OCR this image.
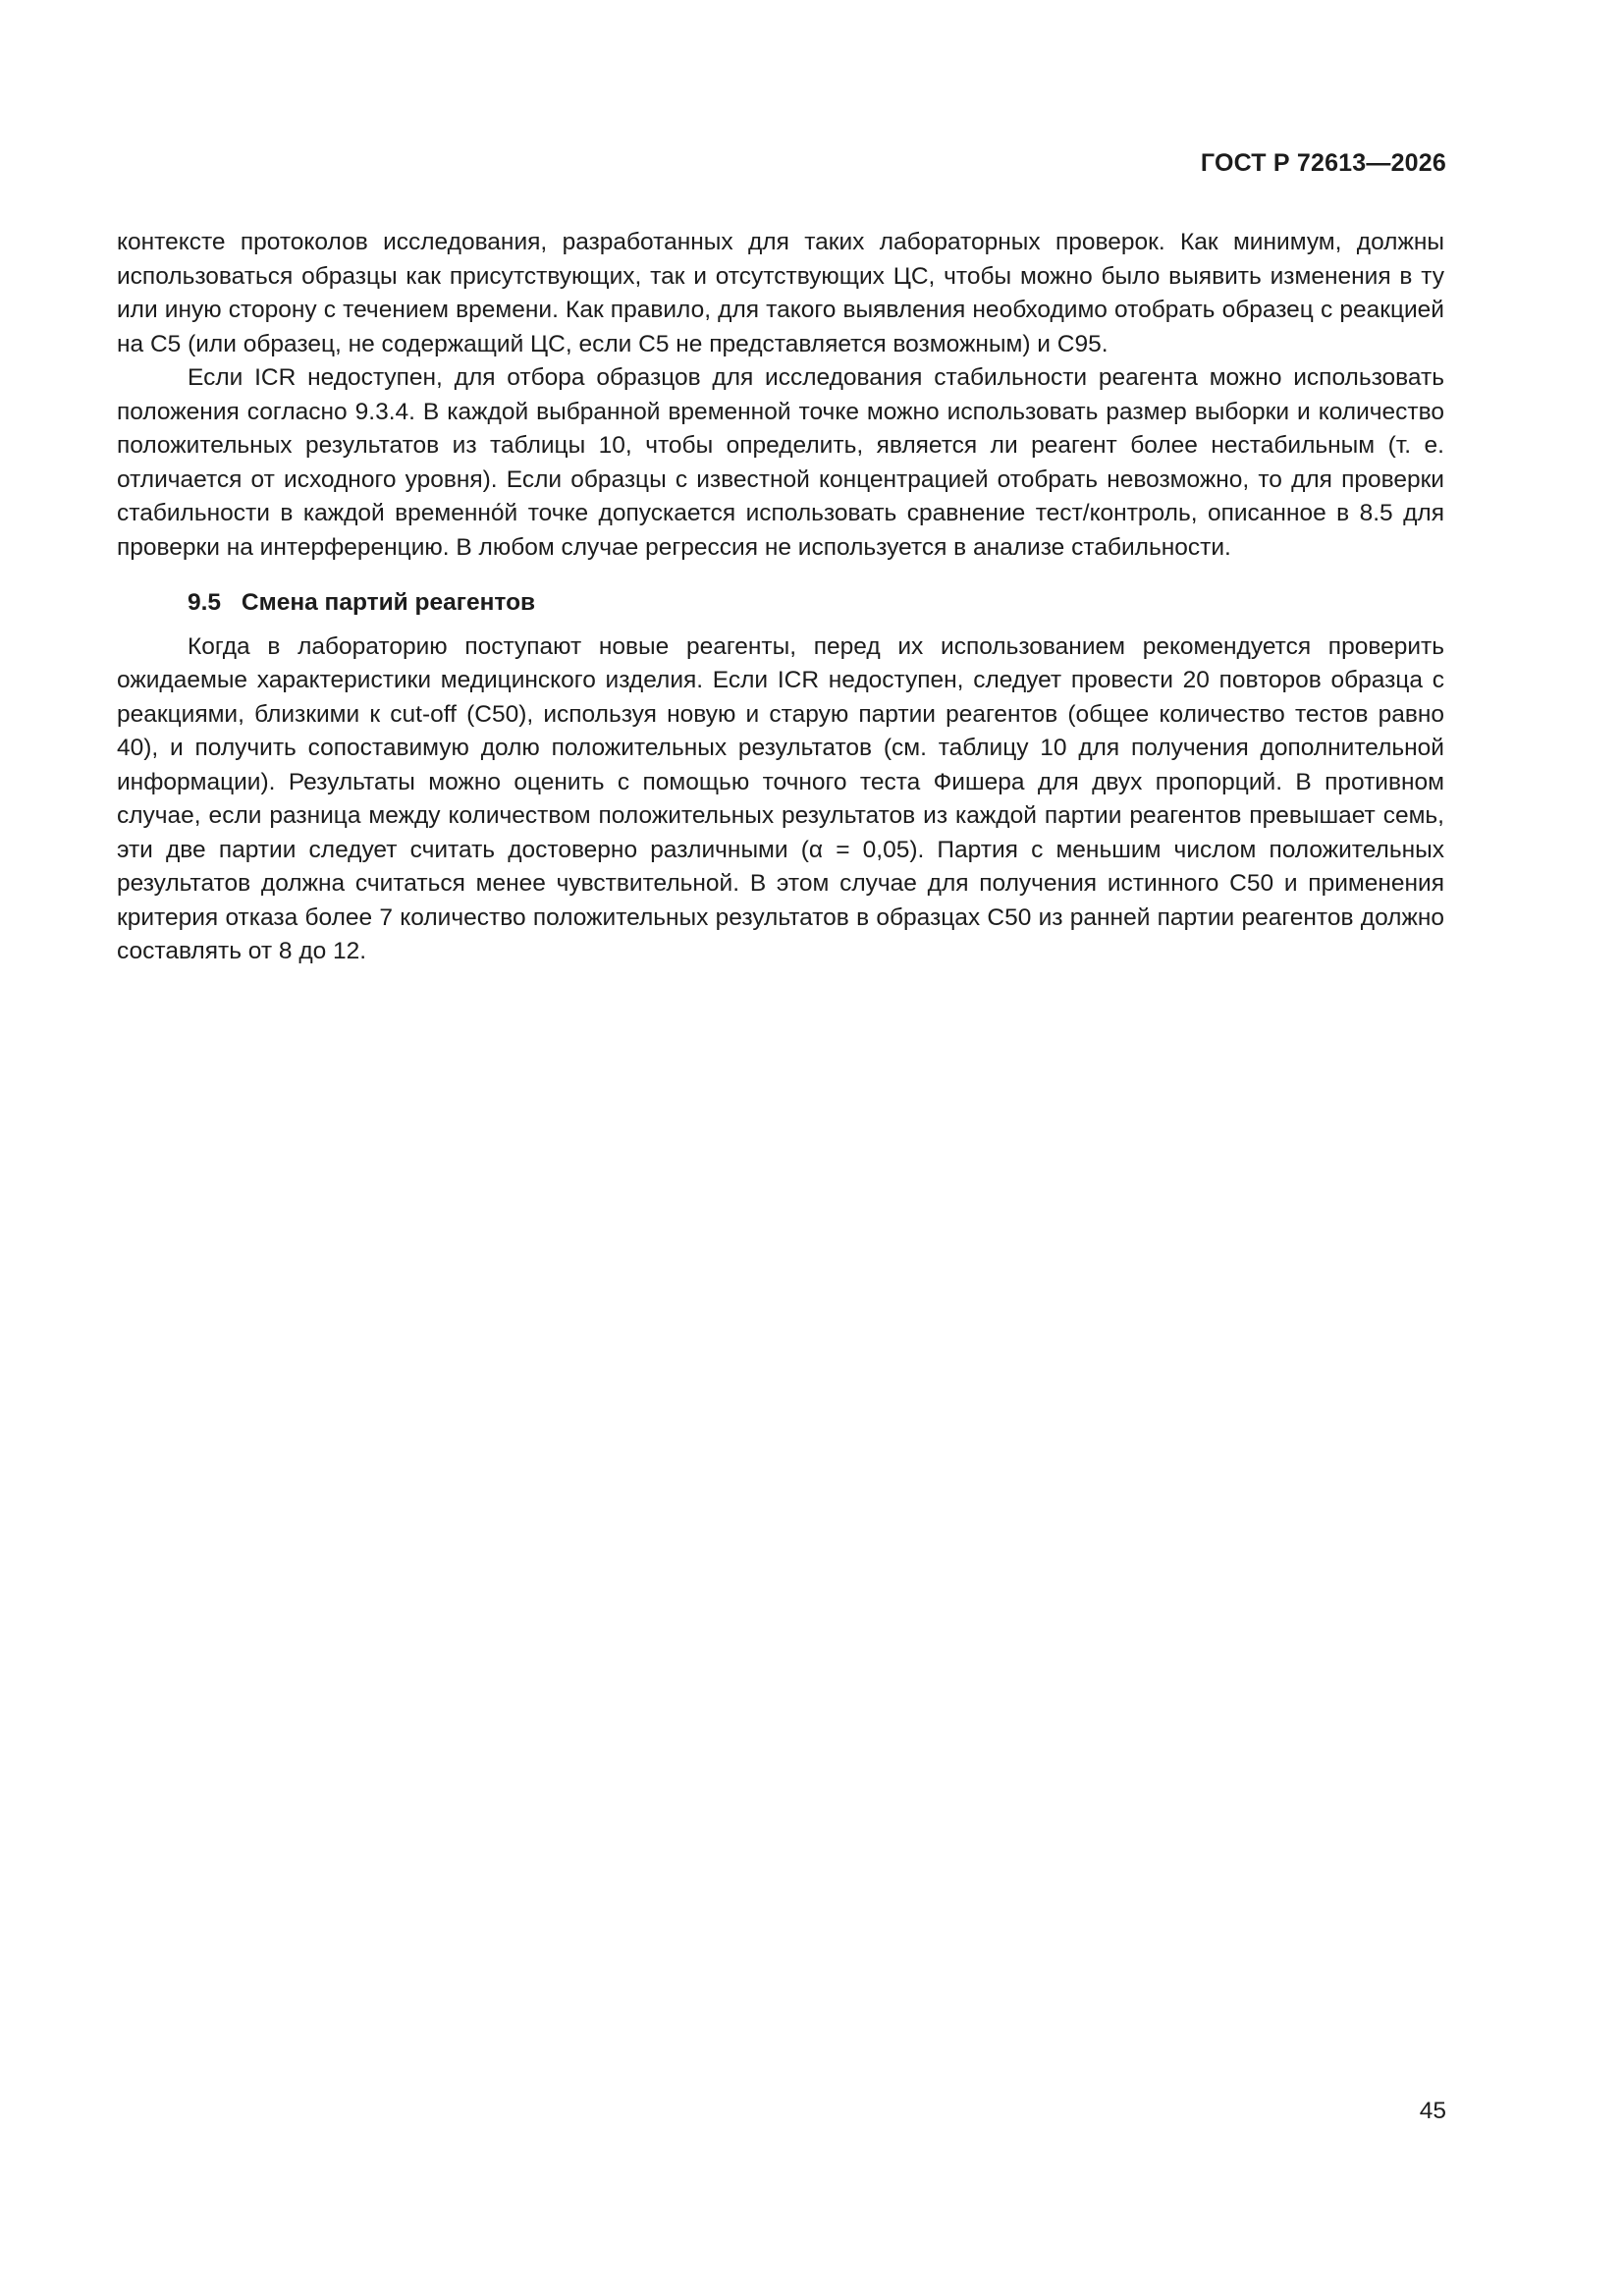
ГОСТ Р 72613—2026

контексте протоколов исследования, разработанных для таких лабораторных проверок. Как минимум, должны использоваться образцы как присутствующих, так и отсутствующих ЦС, чтобы можно было выявить изменения в ту или иную сторону с течением времени. Как правило, для такого выявления необходимо отобрать образец с реакцией на С5 (или образец, не содержащий ЦС, если С5 не представляется возможным) и С95.

Если ICR недоступен, для отбора образцов для исследования стабильности реагента можно использовать положения согласно 9.3.4. В каждой выбранной временной точке можно использовать размер выборки и количество положительных результатов из таблицы 10, чтобы определить, является ли реагент более нестабильным (т. е. отличается от исходного уровня). Если образцы с известной концентрацией отобрать невозможно, то для проверки стабильности в каждой временно́й точке допускается использовать сравнение тест/контроль, описанное в 8.5 для проверки на интерференцию. В любом случае регрессия не используется в анализе стабильности.

9.5 Смена партий реагентов

Когда в лабораторию поступают новые реагенты, перед их использованием рекомендуется проверить ожидаемые характеристики медицинского изделия. Если ICR недоступен, следует провести 20 повторов образца с реакциями, близкими к cut-off (С50), используя новую и старую партии реагентов (общее количество тестов равно 40), и получить сопоставимую долю положительных результатов (см. таблицу 10 для получения дополнительной информации). Результаты можно оценить с помощью точного теста Фишера для двух пропорций. В противном случае, если разница между количеством положительных результатов из каждой партии реагентов превышает семь, эти две партии следует считать достоверно различными (α = 0,05). Партия с меньшим числом положительных результатов должна считаться менее чувствительной. В этом случае для получения истинного С50 и применения критерия отказа более 7 количество положительных результатов в образцах С50 из ранней партии реагентов должно составлять от 8 до 12.

45
